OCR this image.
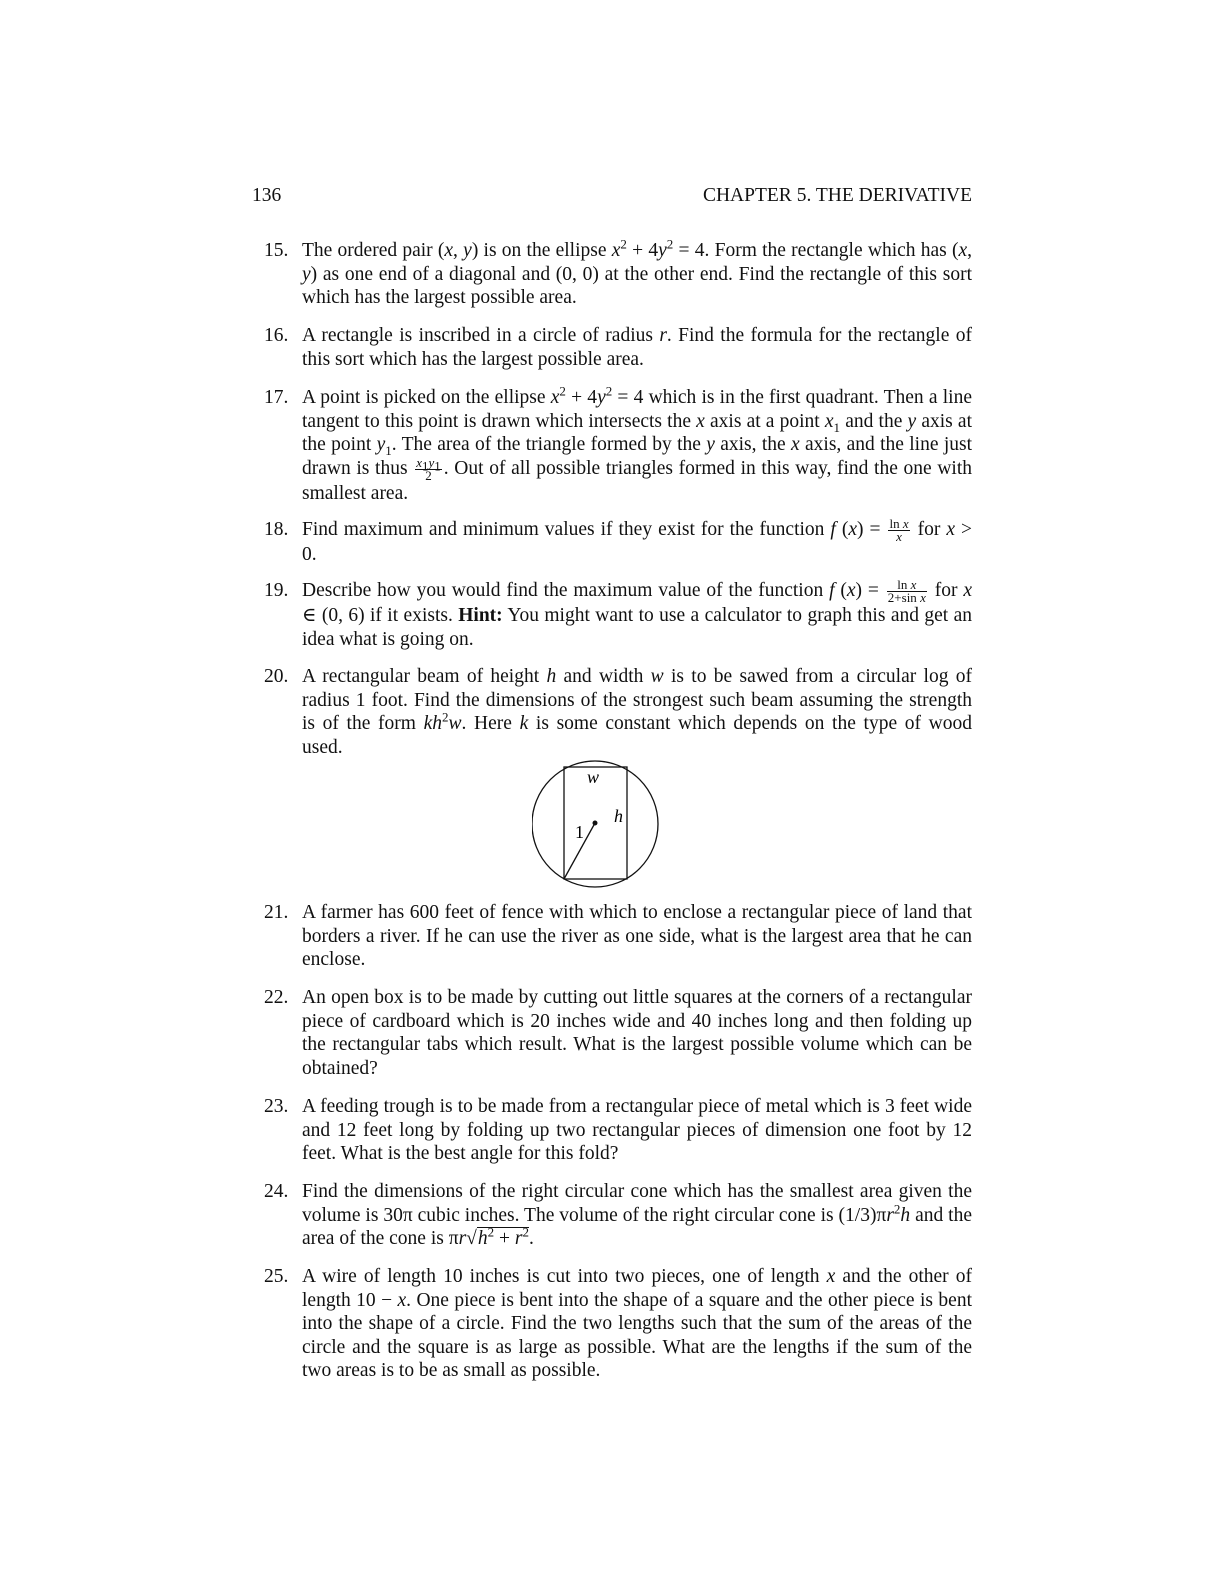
136	CHAPTER 5. THE DERIVATIVE
15. The ordered pair (x, y) is on the ellipse $x^2 + 4y^2 = 4$. Form the rectangle which has (x, y) as one end of a diagonal and (0, 0) at the other end. Find the rectangle of this sort which has the largest possible area.

16. A rectangle is inscribed in a circle of radius r. Find the formula for the rectangle of this sort which has the largest possible area.

17. A point is picked on the ellipse $x^2 + 4y^2 = 4$ which is in the first quadrant. Then a line tangent to this point is drawn which intersects the x axis at a point $x_1$ and the y axis at the point $y_1$. The area of the triangle formed by the y axis, the x axis, and the line just drawn is thus $\frac{x_1y_1}{2}$ . Out of all possible triangles formed in this way, find the one with smallest area.

18. Find maximum and minimum values if they exist for the function f $(x) = \frac{\text{ln x}}{x}$ for x > 0.

19. Describe how you would find the maximum value of the function f $(x) = \frac{\text{ln x}}{\text{2+sin x}}$ for x ∈ (0, 6) if it exists. Hint: You might want to use a calculator to graph this and get an idea what is going on.

20. A rectangular beam of height h and width w is to be sawed from a circular log of radius 1 foot. Find the dimensions of the strongest such beam assuming the strength is of the form $kh^2w$. Here k is some constant which depends on the type of wood used.

w
h
1
21. A farmer has 600 feet of fence with which to enclose a rectangular piece of land that borders a river. If he can use the river as one side, what is the largest area that he can enclose.

22. An open box is to be made by cutting out little squares at the corners of a rectangular piece of cardboard which is 20 inches wide and 40 inches long and then folding up the rectangular tabs which result. What is the largest possible volume which can be obtained?

23. A feeding trough is to be made from a rectangular piece of metal which is 3 feet wide and 12 feet long by folding up two rectangular pieces of dimension one foot by 12 feet. What is the best angle for this fold?

24. Find the dimensions of the right circular cone which has the smallest area given the volume is 30π cubic inches. The volume of the right circular cone is $(1/3)\pi r^2h$ and the area of the cone is $\pi r√h^2 + r^2$.

25. A wire of length 10 inches is cut into two pieces, one of length x and the other of length 10 − x. One piece is bent into the shape of a square and the other piece is bent into the shape of a circle. Find the two lengths such that the sum of the areas of the circle and the square is as large as possible. What are the lengths if the sum of the two areas is to be as small as possible.
